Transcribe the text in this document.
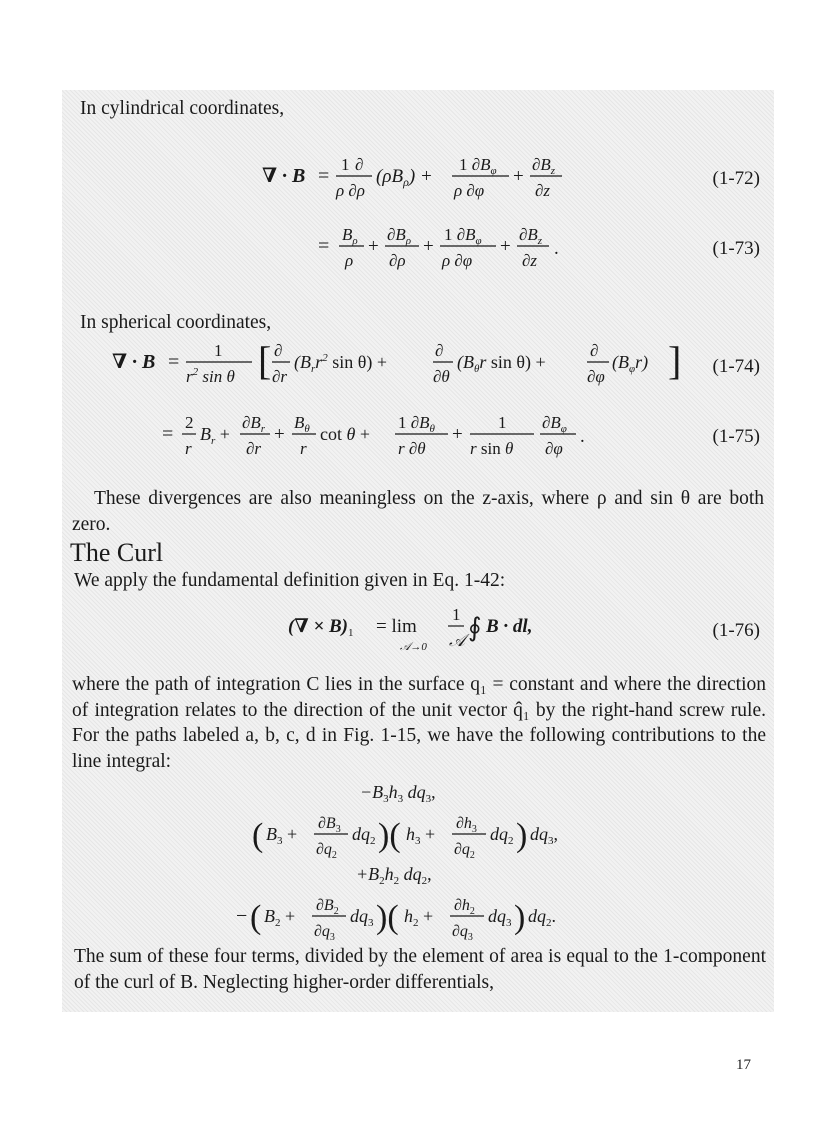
In cylindrical coordinates,
∇ · B =
1 ∂
ρ ∂ρ
$(\rho B_\rho)$ +
1 $\partial B_\varphi$
ρ ∂φ
+
$\partial B_z$
∂z
(1-72)
=
$B_\rho$
ρ
+
$\partial B_\rho$
∂ρ
+
1 $\partial B_\varphi$
ρ ∂φ
+
$\partial B_z$
∂z
.	(1-73)
In spherical coordinates,
∇ · B =
1
$r^2$ sin θ [ ∂
∂r
($B_rr^2$ sin θ) +
∂
∂θ
($B_\theta r$ sin θ) +
∂
∂φ
$(B_\varphi r)$ ] (1-74)
=
2
r
$B_r$ +
$\partial B_r$
∂r
+
$B_\theta$
r
cot θ +
1 $\partial B_\theta$
r ∂θ
+
1
r sin θ
$\partial B_\varphi$
∂φ
.	(1-75)
These divergences are also meaningless on the z-axis, where ρ and sin θ are both zero.
The Curl
We apply the fundamental definition given in Eq. 1-42:
(∇ × $B)_1 = \lim$
𝒜→0
1
𝒜 ∮ B · dl,	(1-76)
where the path of integration C lies in the surface q₁ = constant and where the direction of integration relates to the direction of the unit vector q̂₁ by the right-hand screw rule. For the paths labeled a, b, c, d in Fig. 1-15, we have the following contributions to the line integral:
$-B_3h_3$ $dq_3$,
( $B_3$ +
$\partial B_3$
$\partial q_2$
$dq_2$ )( $h_3$ +
$\partial h_3$
$\partial q_2$
$dq_2$ ) $dq_3$,
$+B_2h_2$ $dq_2$,
− ( $B_2$ +
$\partial B_2$
$\partial q_3$
$dq_3$ )( $h_2$ +
$\partial h_2$
$\partial q_3$
$dq_3$ ) $dq_2$.
The sum of these four terms, divided by the element of area is equal to the 1-component of the curl of B. Neglecting higher-order differentials,
17
